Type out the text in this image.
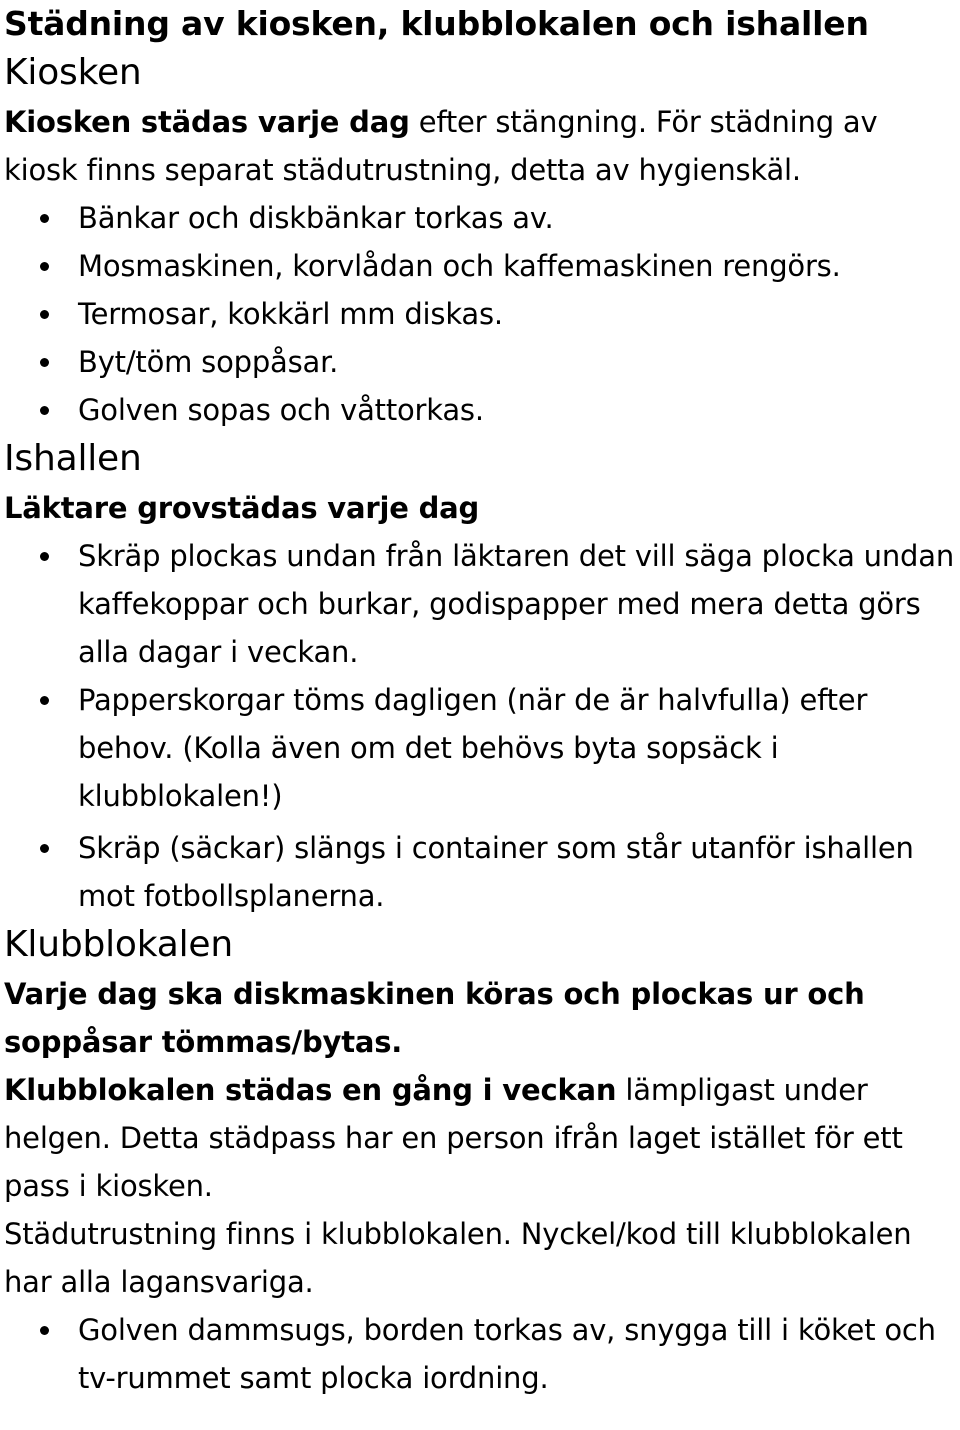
Städning av kiosken, klubblokalen och ishallen
Kiosken

Kiosken städas varje dag efter stängning. För städning av kiosk finns separat städutrustning, detta av hygienskäl.

Bänkar och diskbänkar torkas av.
Mosmaskinen, korvlådan och kaffemaskinen rengörs.
Termosar, kokkärl mm diskas.
Byt/töm soppåsar.
Golven sopas och våttorkas.
Ishallen

Läktare grovstädas varje dag

Skräp plockas undan från läktaren det vill säga plocka undan kaffekoppar och burkar, godispapper med mera detta görs alla dagar i veckan.
Papperskorgar töms dagligen (när de är halvfulla) efter behov. (Kolla även om det behövs byta sopsäck i klubblokalen!)
Skräp (säckar) slängs i container som står utanför ishallen mot fotbollsplanerna.
Klubblokalen

Varje dag ska diskmaskinen köras och plockas ur och soppåsar tömmas/bytas.

Klubblokalen städas en gång i veckan lämpligast under helgen. Detta städpass har en person ifrån laget istället för ett pass i kiosken.

Städutrustning finns i klubblokalen. Nyckel/kod till klubblokalen har alla lagansvariga.

Golven dammsugs, borden torkas av, snygga till i köket och tv-rummet samt plocka iordning.
